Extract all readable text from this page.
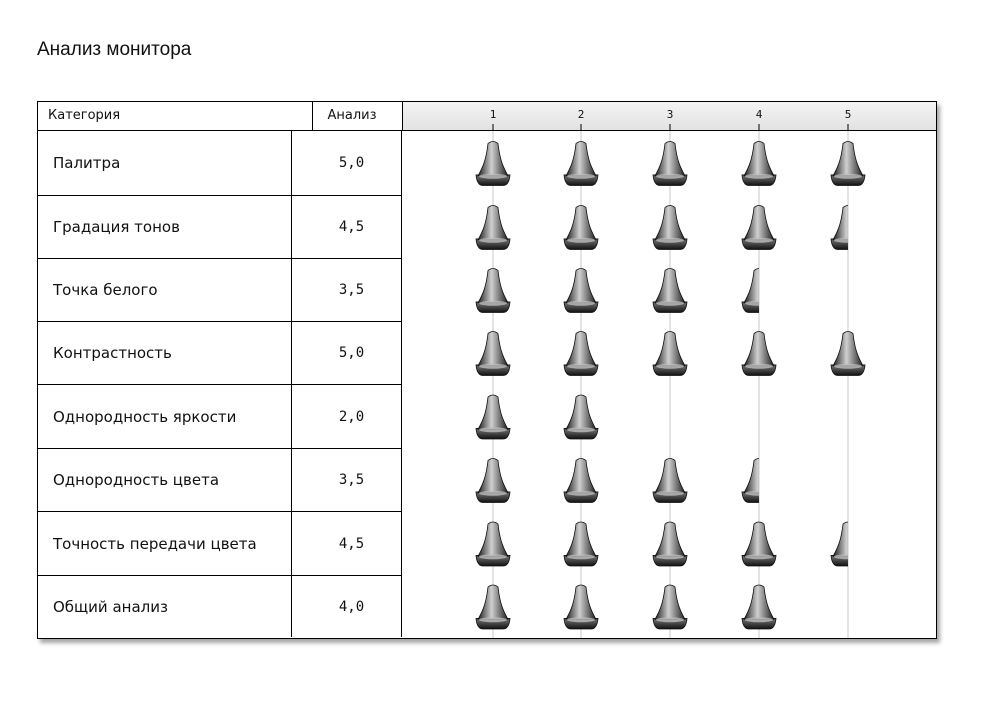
Анализ монитора
Категория	Анализ
Палитра	5,0
Градация тонов	4,5
Точка белого	3,5
Контрастность	5,0
Однородность яркости	2,0
Однородность цвета	3,5
Точность передачи цвета	4,5
Общий анализ	4,0
1	2	3	4	5
